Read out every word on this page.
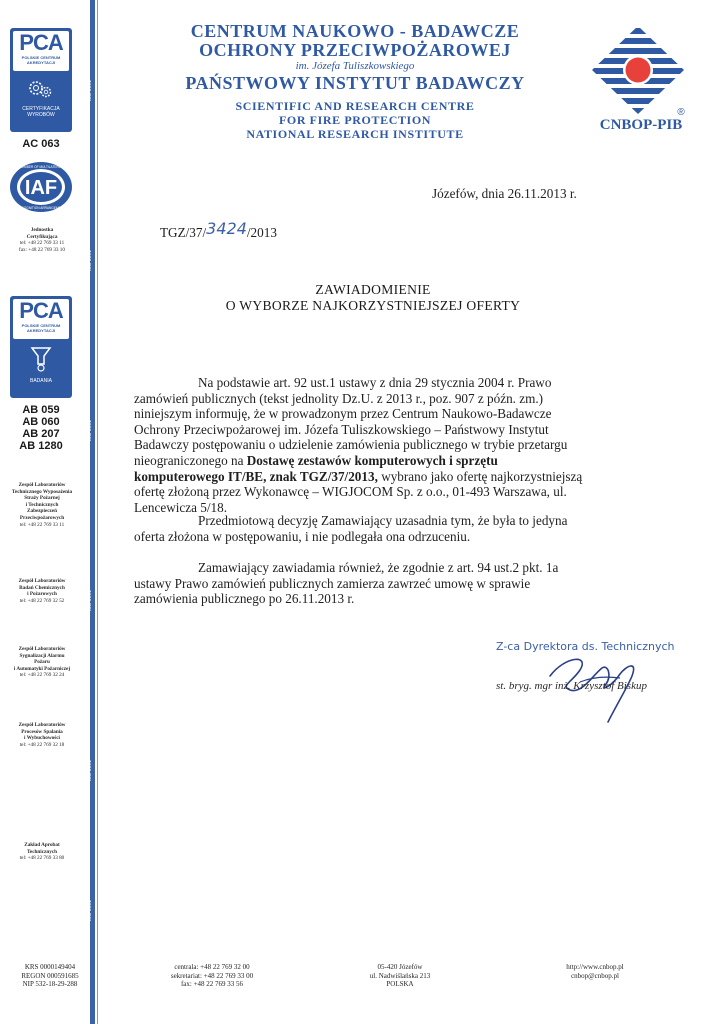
ISO 9001
ISO 9001
ISO 9001
ISO 9001
ISO 9001
ISO 9001
PCA
POLSKIE CENTRUM
AKREDYTACJI
CERTYFIKACJA
WYROBÓW
AC 063
IAF
MEMBER OF MULTILATERAL
RECOGNITION ARRANGEMENT
Jednostka
Certyfikująca
tel: +48 22 769 33 11
fax: +48 22 769 33 10
PCA
POLSKIE CENTRUM
AKREDYTACJI
BADANIA
AB 059
AB 060
AB 207
AB 1280
Zespół Laboratoriów
Technicznego Wyposażenia
Straży Pożarnej
i Technicznych
Zabezpieczeń
Przeciwpożarowych
tel: +48 22 769 33 11
Zespół Laboratoriów
Badań Chemicznych
i Pożarowych
tel: +48 22 769 32 52
Zespół Laboratoriów
Sygnalizacji Alarmu
Pożaru
i Automatyki Pożarniczej
tel: +48 22 769 32 24
Zespół Laboratoriów
Procesów Spalania
i Wybuchowości
tel: +48 22 769 32 18
Zakład Aprobat
Technicznych
tel: +48 22 769 33 80
CENTRUM NAUKOWO - BADAWCZE
OCHRONY PRZECIWPOŻAROWEJ
im. Józefa Tuliszkowskiego
PAŃSTWOWY INSTYTUT BADAWCZY
SCIENTIFIC AND RESEARCH CENTRE
FOR FIRE PROTECTION
NATIONAL RESEARCH INSTITUTE
®
CNBOP-PIB
Józefów, dnia 26.11.2013 r.
TGZ/37/3424/2013
ZAWIADOMIENIE
O WYBORZE NAJKORZYSTNIEJSZEJ OFERTY
Na podstawie art. 92 ust.1 ustawy z dnia 29 stycznia 2004 r. Prawo zamówień publicznych (tekst jednolity Dz.U. z 2013 r., poz. 907 z późn. zm.) niniejszym informuję, że w prowadzonym przez Centrum Naukowo-Badawcze Ochrony Przeciwpożarowej im. Józefa Tuliszkowskiego – Państwowy Instytut Badawczy postępowaniu o udzielenie zamówienia publicznego w trybie przetargu nieograniczonego na Dostawę zestawów komputerowych i sprzętu komputerowego IT/BE, znak TGZ/37/2013, wybrano jako ofertę najkorzystniejszą ofertę złożoną przez Wykonawcę – WIGJOCOM Sp. z o.o., 01-493 Warszawa, ul. Lencewicza 5/18.
Przedmiotową decyzję Zamawiający uzasadnia tym, że była to jedyna oferta złożona w postępowaniu, i nie podlegała ona odrzuceniu.
Zamawiający zawiadamia również, że zgodnie z art. 94 ust.2 pkt. 1a ustawy Prawo zamówień publicznych zamierza zawrzeć umowę w sprawie zamówienia publicznego po 26.11.2013 r.
Z-ca Dyrektora ds. Technicznych
st. bryg. mgr inż. Krzysztof Biskup
KRS 0000149404
REGON 000591685
NIP 532-18-29-288
centrala: +48 22 769 32 00
sekretariat: +48 22 769 33 00
fax: +48 22 769 33 56
05-420 Józefów
ul. Nadwiślańska 213
POLSKA
http://www.cnbop.pl
cnbop@cnbop.pl
